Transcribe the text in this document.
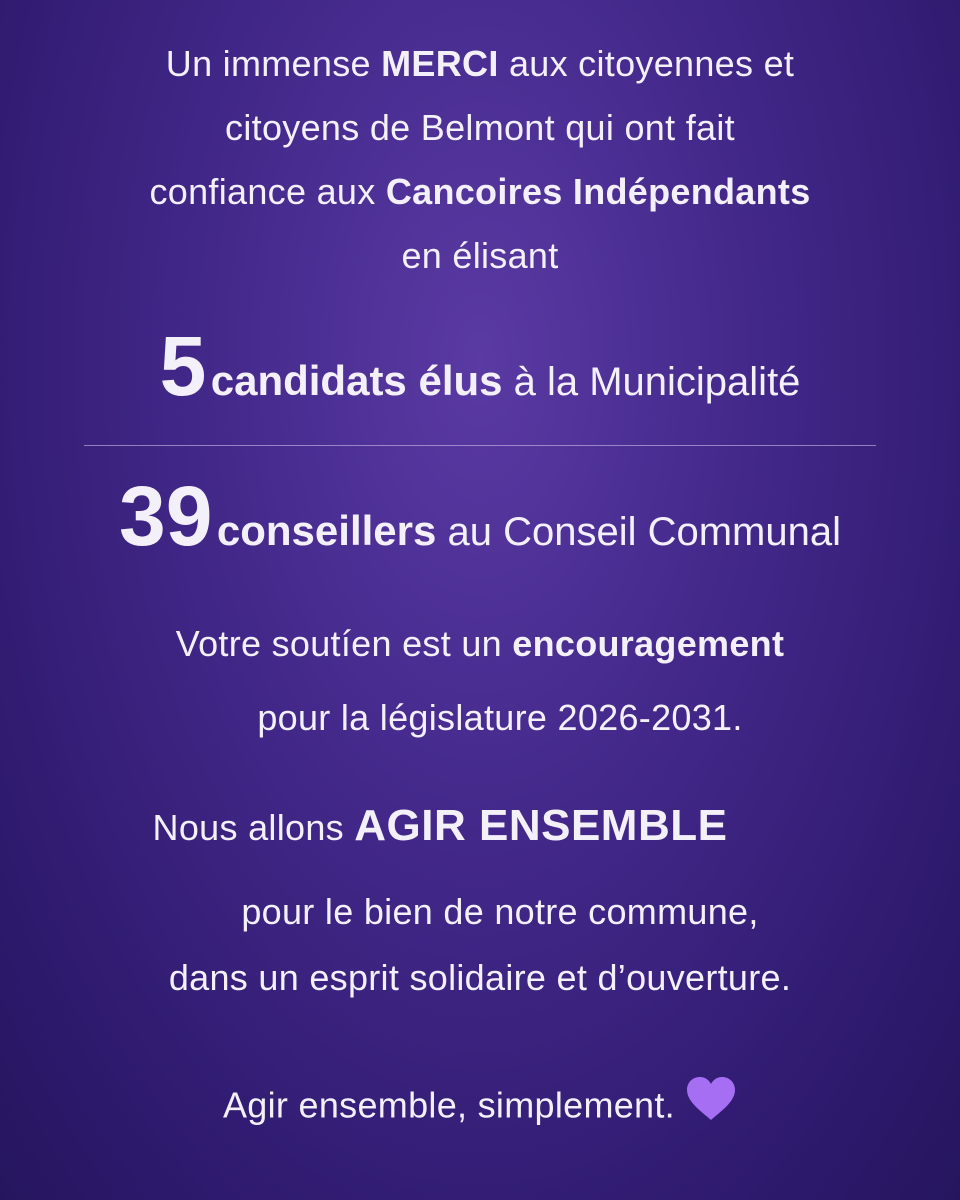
Un immense MERCI aux citoyennes et
citoyens de Belmont qui ont fait
confiance aux Cancoires Indépendants
en élisant
5 candidats élus à la Municipalité
39 conseillers au Conseil Communal
Votre soutíen est un encouragement
pour la législature 2026-2031.
Nous allons AGIR ENSEMBLE
pour le bien de notre commune,
dans un esprit solidaire et d’ouverture.
Agir ensemble, simplement.
